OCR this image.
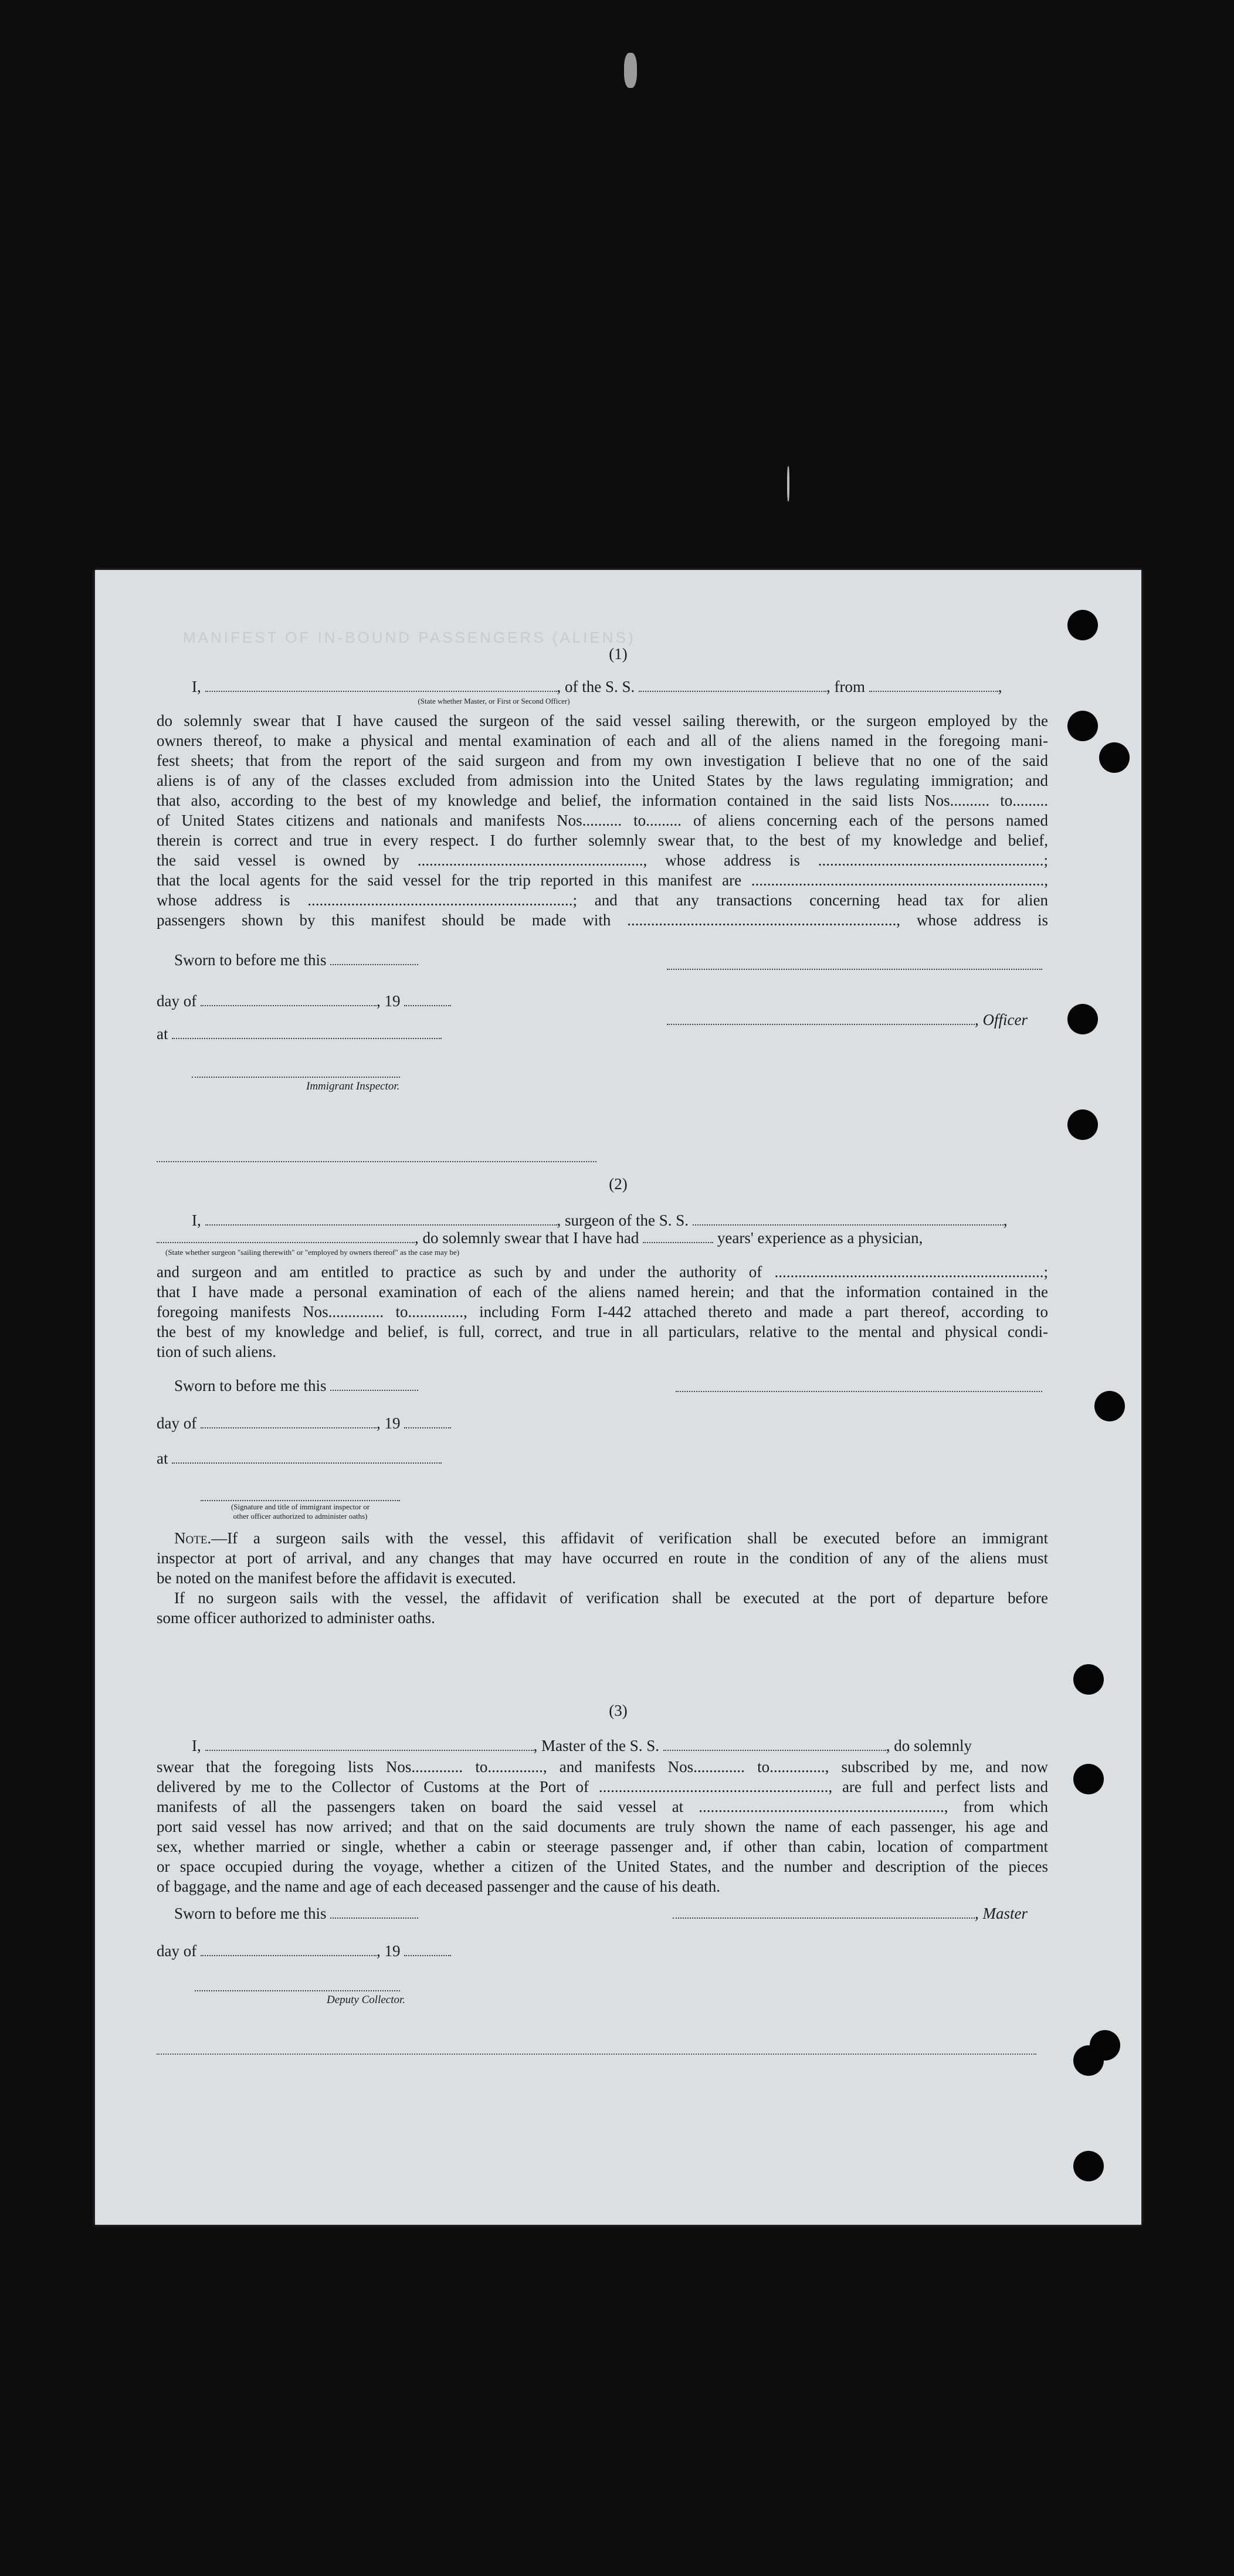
MANIFEST OF IN-BOUND PASSENGERS (ALIENS)
(1)
I,	, of the S. S.	, from	,
(State whether Master, or First or Second Officer)
do solemnly swear that I have caused the surgeon of the said vessel sailing therewith, or the surgeon employed by the
owners thereof, to make a physical and mental examination of each and all of the aliens named in the foregoing mani-
fest sheets; that from the report of the said surgeon and from my own investigation I believe that no one of the said
aliens is of any of the classes excluded from admission into the United States by the laws regulating immigration; and
that also, according to the best of my knowledge and belief, the information contained in the said lists Nos.......... to.........
of United States citizens and nationals and manifests Nos.......... to......... of aliens concerning each of the persons named
therein is correct and true in every respect. I do further solemnly swear that, to the best of my knowledge and belief,
the said vessel is owned by ........................................................., whose address is .........................................................;
that the local agents for the said vessel for the trip reported in this manifest are ..........................................................................,
whose address is ...................................................................; and that any transactions concerning head tax for alien
passengers shown by this manifest should be made with ...................................................................., whose address is
Sworn to before me this
day of	, 19
, Officer
at
Immigrant Inspector.
(2)
I,	, surgeon of the S. S.	,
, do solemnly swear that I have had	years' experience as a physician,
(State whether surgeon "sailing therewith" or "employed by owners thereof" as the case may be)
and surgeon and am entitled to practice as such by and under the authority of ....................................................................;
that I have made a personal examination of each of the aliens named herein; and that the information contained in the
foregoing manifests Nos.............. to.............., including Form I-442 attached thereto and made a part thereof, according to
the best of my knowledge and belief, is full, correct, and true in all particulars, relative to the mental and physical condi-
tion of such aliens.
Sworn to before me this
day of	, 19
at
(Signature and title of immigrant inspector or
other officer authorized to administer oaths)
Note.—If a surgeon sails with the vessel, this affidavit of verification shall be executed before an immigrant
inspector at port of arrival, and any changes that may have occurred en route in the condition of any of the aliens must
be noted on the manifest before the affidavit is executed.
If no surgeon sails with the vessel, the affidavit of verification shall be executed at the port of departure before
some officer authorized to administer oaths.
(3)
I,	, Master of the S. S.	, do solemnly
swear that the foregoing lists Nos............. to.............., and manifests Nos............. to.............., subscribed by me, and now
delivered by me to the Collector of Customs at the Port of .........................................................., are full and perfect lists and
manifests of all the passengers taken on board the said vessel at .............................................................., from which
port said vessel has now arrived; and that on the said documents are truly shown the name of each passenger, his age and
sex, whether married or single, whether a cabin or steerage passenger and, if other than cabin, location of compartment
or space occupied during the voyage, whether a citizen of the United States, and the number and description of the pieces
of baggage, and the name and age of each deceased passenger and the cause of his death.
Sworn to before me this	, Master
day of	, 19
Deputy Collector.
